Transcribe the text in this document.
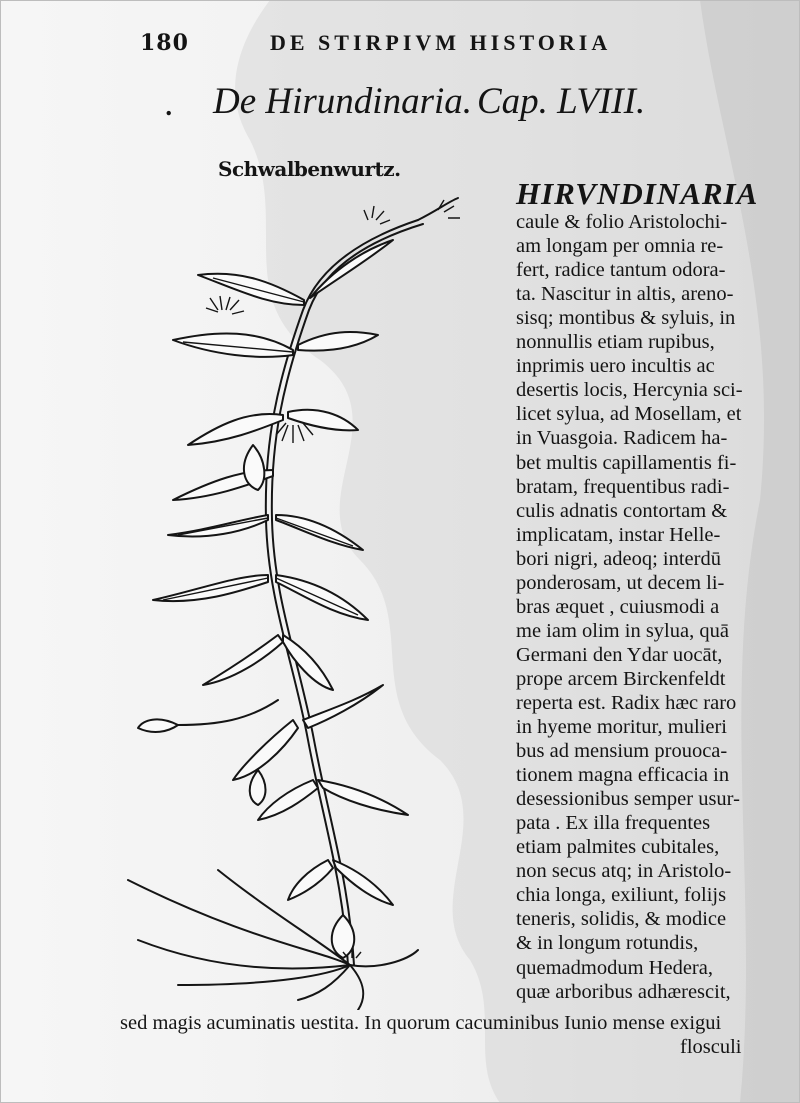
180	DE STIRPIVM HISTORIA
. De Hirundinaria. Cap. LVIII.
Schwalbenwurtz.
HIRVNDINARIA
caule & folio Aristolochi-
am longam per omnia re-
fert, radice tantum odora-
ta. Nascitur in altis, areno-
sisq; montibus & syluis, in
nonnullis etiam rupibus,
inprimis uero incultis ac
desertis locis, Hercynia sci-
licet sylua, ad Mosellam, et
in Vuasgoia. Radicem ha-
bet multis capillamentis fi-
bratam, frequentibus radi-
culis adnatis contortam &
implicatam, instar Helle-
bori nigri, adeoq; interdū
ponderosam, ut decem li-
bras æquet , cuiusmodi a
me iam olim in sylua, quā
Germani den Ydar uocāt,
prope arcem Birckenfeldt
reperta est. Radix hæc raro
in hyeme moritur, mulieri
bus ad mensium prouoca-
tionem magna efficacia in
desessionibus semper usur-
pata . Ex illa frequentes
etiam palmites cubitales,
non secus atq; in Aristolo-
chia longa, exiliunt, folijs
teneris, solidis, & modice
& in longum rotundis,
quemadmodum Hedera,
quæ arboribus adhærescit,
sed magis acuminatis uestita. In quorum cacuminibus Iunio mense exigui
flosculi
